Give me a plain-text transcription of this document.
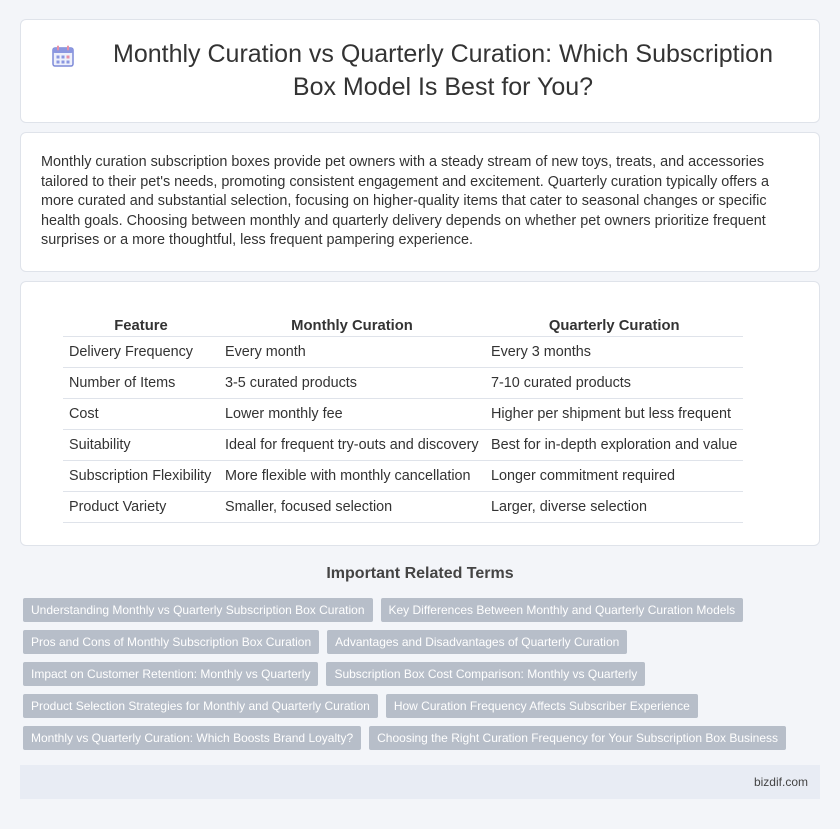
Monthly Curation vs Quarterly Curation: Which Subscription Box Model Is Best for You?

Monthly curation subscription boxes provide pet owners with a steady stream of new toys, treats, and accessories tailored to their pet's needs, promoting consistent engagement and excitement. Quarterly curation typically offers a more curated and substantial selection, focusing on higher-quality items that cater to seasonal changes or specific health goals. Choosing between monthly and quarterly delivery depends on whether pet owners prioritize frequent surprises or a more thoughtful, less frequent pampering experience.

Feature	Monthly Curation	Quarterly Curation
Delivery Frequency	Every month	Every 3 months
Number of Items	3-5 curated products	7-10 curated products
Cost	Lower monthly fee	Higher per shipment but less frequent
Suitability	Ideal for frequent try-outs and discovery	Best for in-depth exploration and value
Subscription Flexibility	More flexible with monthly cancellation	Longer commitment required
Product Variety	Smaller, focused selection	Larger, diverse selection
Important Related Terms
Understanding Monthly vs Quarterly Subscription Box Curation	Key Differences Between Monthly and Quarterly Curation Models
Pros and Cons of Monthly Subscription Box Curation	Advantages and Disadvantages of Quarterly Curation
Impact on Customer Retention: Monthly vs Quarterly	Subscription Box Cost Comparison: Monthly vs Quarterly
Product Selection Strategies for Monthly and Quarterly Curation	How Curation Frequency Affects Subscriber Experience
Monthly vs Quarterly Curation: Which Boosts Brand Loyalty?	Choosing the Right Curation Frequency for Your Subscription Box Business
bizdif.com
